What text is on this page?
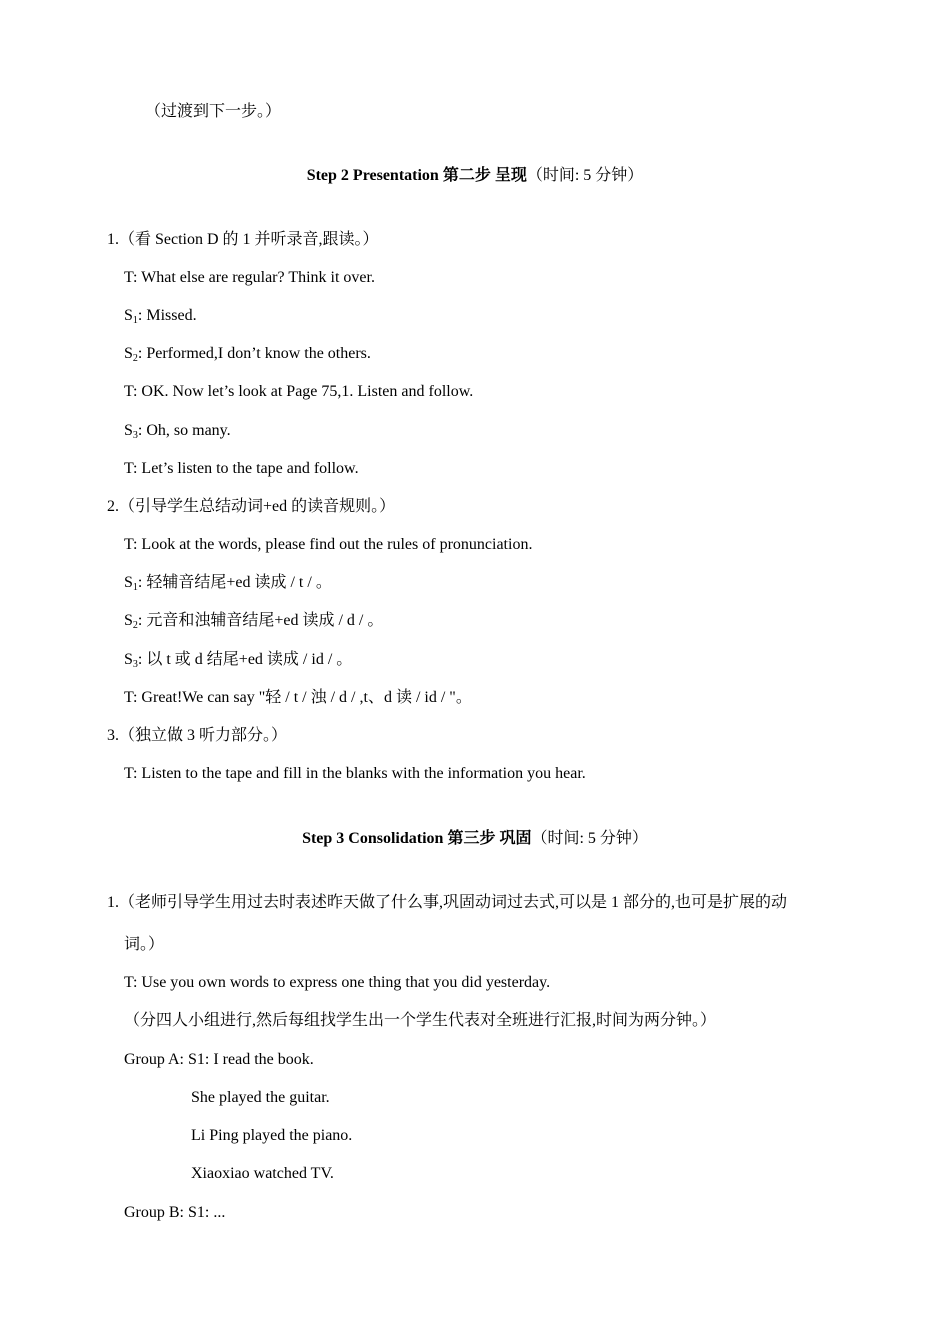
（过渡到下一步。）
Step 2 Presentation 第二步 呈现（时间: 5 分钟）
1.（看 Section D 的 1 并听录音,跟读。）
T: What else are regular? Think it over.
$S_1$: Missed.
$S_2$: Performed,I don’t know the others.
T: OK. Now let’s look at Page 75,1. Listen and follow.
$S_3$: Oh, so many.
T: Let’s listen to the tape and follow.
2.（引导学生总结动词+ed 的读音规则。）
T: Look at the words, please find out the rules of pronunciation.
$S_1$: 轻辅音结尾+ed 读成 / t / 。
$S_2$: 元音和浊辅音结尾+ed 读成 / d / 。
$S_3$: 以 t 或 d 结尾+ed 读成 / id / 。
T: Great!We can say "轻 / t / 浊 / d / ,t、d 读 / id / "。
3.（独立做 3 听力部分。）
T: Listen to the tape and fill in the blanks with the information you hear.
Step 3 Consolidation 第三步 巩固（时间: 5 分钟）
1.（老师引导学生用过去时表述昨天做了什么事,巩固动词过去式,可以是 1 部分的,也可是扩展的动
词。）
T: Use you own words to express one thing that you did yesterday.
（分四人小组进行,然后每组找学生出一个学生代表对全班进行汇报,时间为两分钟。）
Group A: S1: I read the book.
She played the guitar.
Li Ping played the piano.
Xiaoxiao watched TV.
Group B: S1: ...
